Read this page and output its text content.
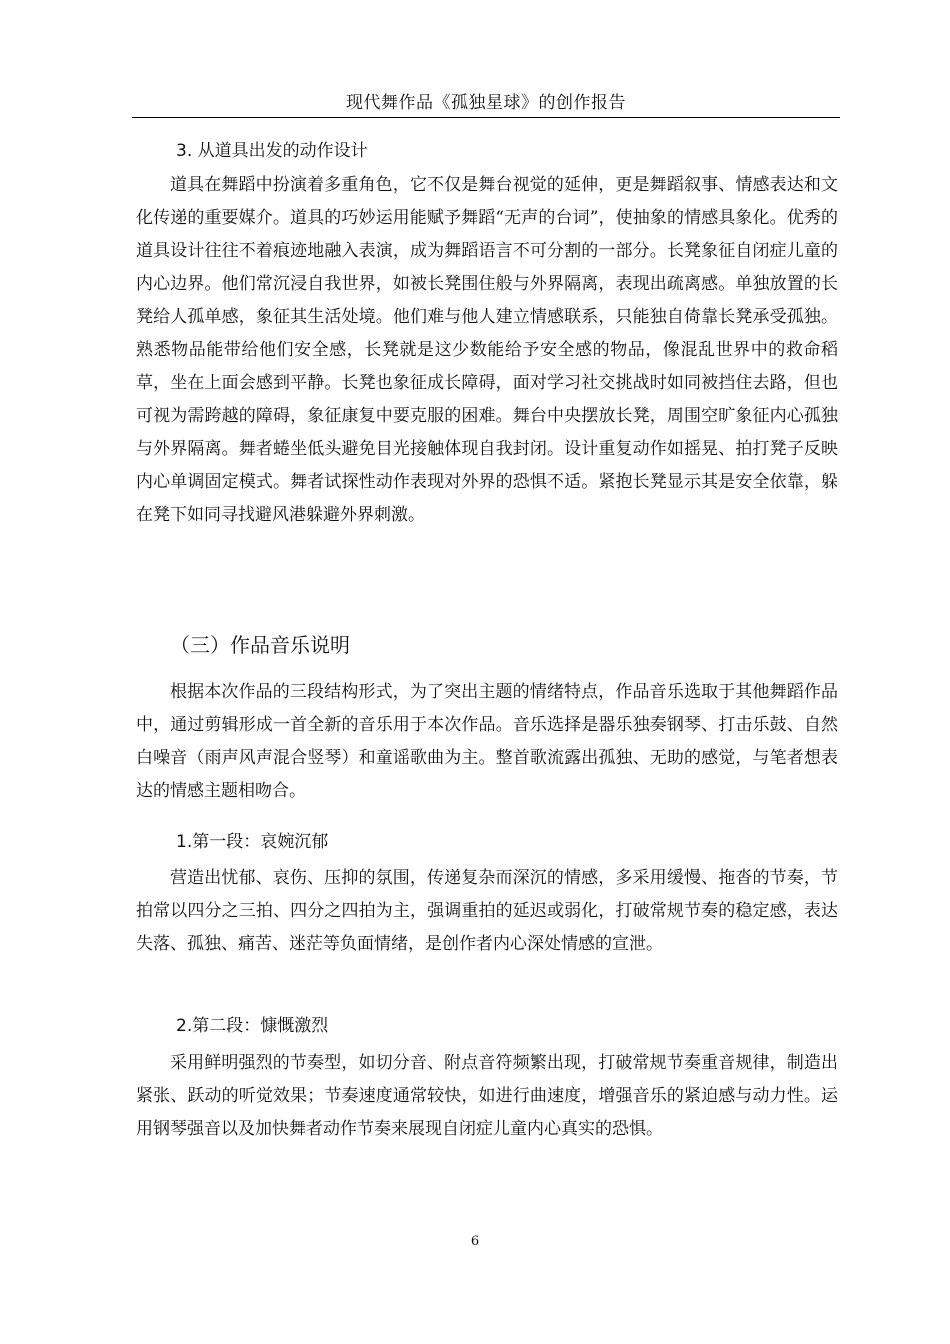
现代舞作品《孤独星球》的创作报告
3. 从道具出发的动作设计

道具在舞蹈中扮演着多重角色，它不仅是舞台视觉的延伸，更是舞蹈叙事、情感表达和文化传递的重要媒介。道具的巧妙运用能赋予舞蹈“无声的台词”，使抽象的情感具象化。优秀的道具设计往往不着痕迹地融入表演，成为舞蹈语言不可分割的一部分。长凳象征自闭症儿童的内心边界。他们常沉浸自我世界，如被长凳围住般与外界隔离，表现出疏离感。单独放置的长凳给人孤单感，象征其生活处境。他们难与他人建立情感联系，只能独自倚靠长凳承受孤独。熟悉物品能带给他们安全感，长凳就是这少数能给予安全感的物品，像混乱世界中的救命稻草，坐在上面会感到平静。长凳也象征成长障碍，面对学习社交挑战时如同被挡住去路，但也可视为需跨越的障碍，象征康复中要克服的困难。舞台中央摆放长凳，周围空旷象征内心孤独与外界隔离。舞者蜷坐低头避免目光接触体现自我封闭。设计重复动作如摇晃、拍打凳子反映内心单调固定模式。舞者试探性动作表现对外界的恐惧不适。紧抱长凳显示其是安全依靠，躲在凳下如同寻找避风港躲避外界刺激。

（三）作品音乐说明

根据本次作品的三段结构形式，为了突出主题的情绪特点，作品音乐选取于其他舞蹈作品中，通过剪辑形成一首全新的音乐用于本次作品。音乐选择是器乐独奏钢琴、打击乐鼓、自然白噪音（雨声风声混合竖琴）和童谣歌曲为主。整首歌流露出孤独、无助的感觉，与笔者想表达的情感主题相吻合。

1.第一段：哀婉沉郁

营造出忧郁、哀伤、压抑的氛围，传递复杂而深沉的情感，多采用缓慢、拖沓的节奏，节拍常以四分之三拍、四分之四拍为主，强调重拍的延迟或弱化，打破常规节奏的稳定感，表达失落、孤独、痛苦、迷茫等负面情绪，是创作者内心深处情感的宣泄。

2.第二段：慷慨激烈

采用鲜明强烈的节奏型，如切分音、附点音符频繁出现，打破常规节奏重音规律，制造出紧张、跃动的听觉效果；节奏速度通常较快，如进行曲速度，增强音乐的紧迫感与动力性。运用钢琴强音以及加快舞者动作节奏来展现自闭症儿童内心真实的恐惧。

6
